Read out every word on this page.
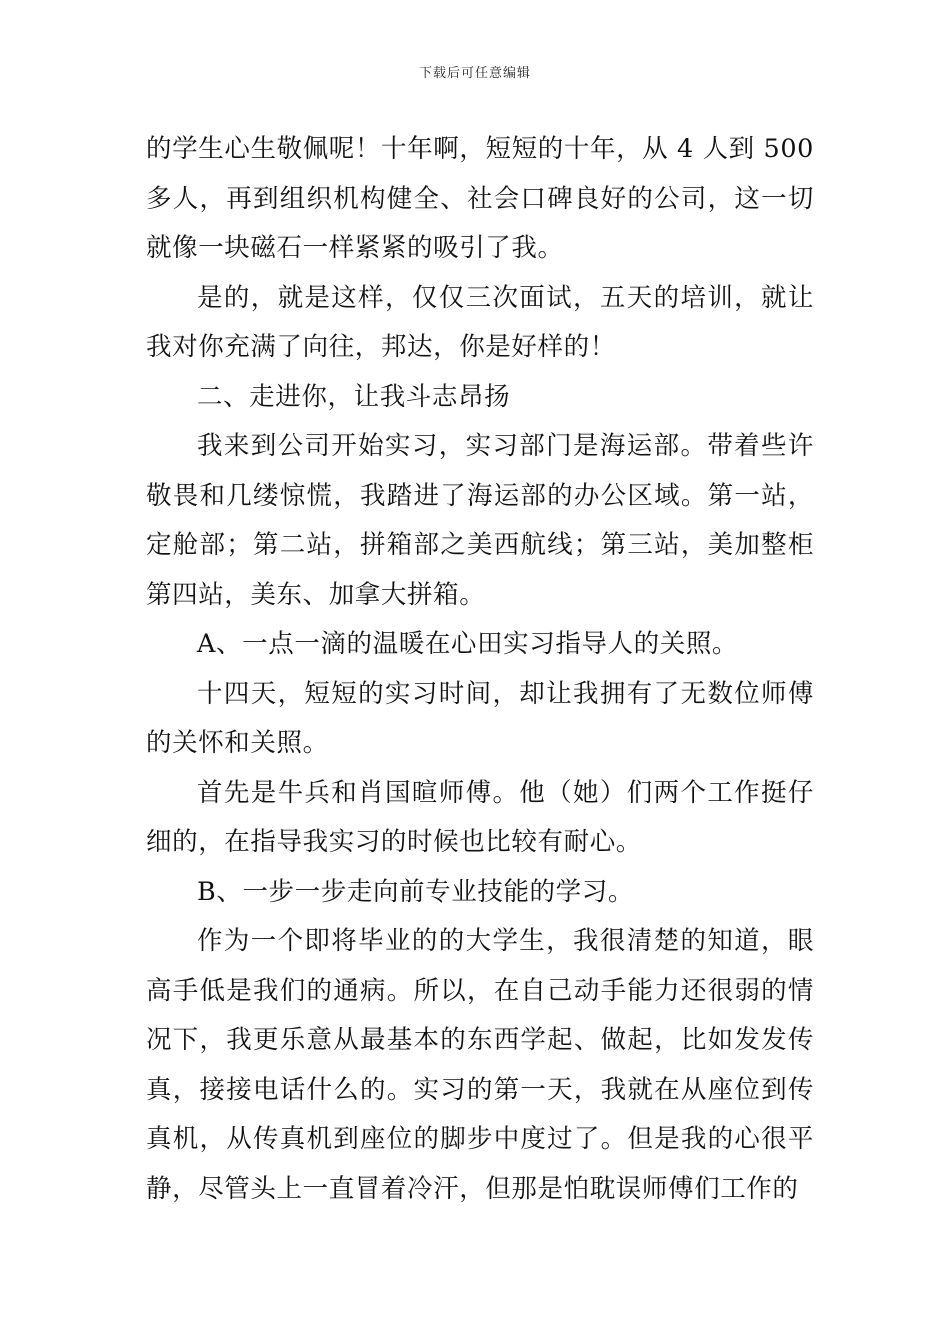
下载后可任意编辑

的学生心生敬佩呢！十年啊，短短的十年，从 4 人到 500 多人，再到组织机构健全、社会口碑良好的公司，这一切就像一块磁石一样紧紧的吸引了我。

是的，就是这样，仅仅三次面试，五天的培训，就让我对你充满了向往，邦达，你是好样的！

二、走进你，让我斗志昂扬

我来到公司开始实习，实习部门是海运部。带着些许敬畏和几缕惊慌，我踏进了海运部的办公区域。第一站，定舱部；第二站，拼箱部之美西航线；第三站，美加整柜第四站，美东、加拿大拼箱。

A、一点一滴的温暖在心田实习指导人的关照。

十四天，短短的实习时间，却让我拥有了无数位师傅的关怀和关照。

首先是牛兵和肖国暄师傅。他（她）们两个工作挺仔细的，在指导我实习的时候也比较有耐心。

B、一步一步走向前专业技能的学习。

作为一个即将毕业的的大学生，我很清楚的知道，眼高手低是我们的通病。所以，在自己动手能力还很弱的情况下，我更乐意从最基本的东西学起、做起，比如发发传真，接接电话什么的。实习的第一天，我就在从座位到传真机，从传真机到座位的脚步中度过了。但是我的心很平静，尽管头上一直冒着冷汗，但那是怕耽误师傅们工作的
